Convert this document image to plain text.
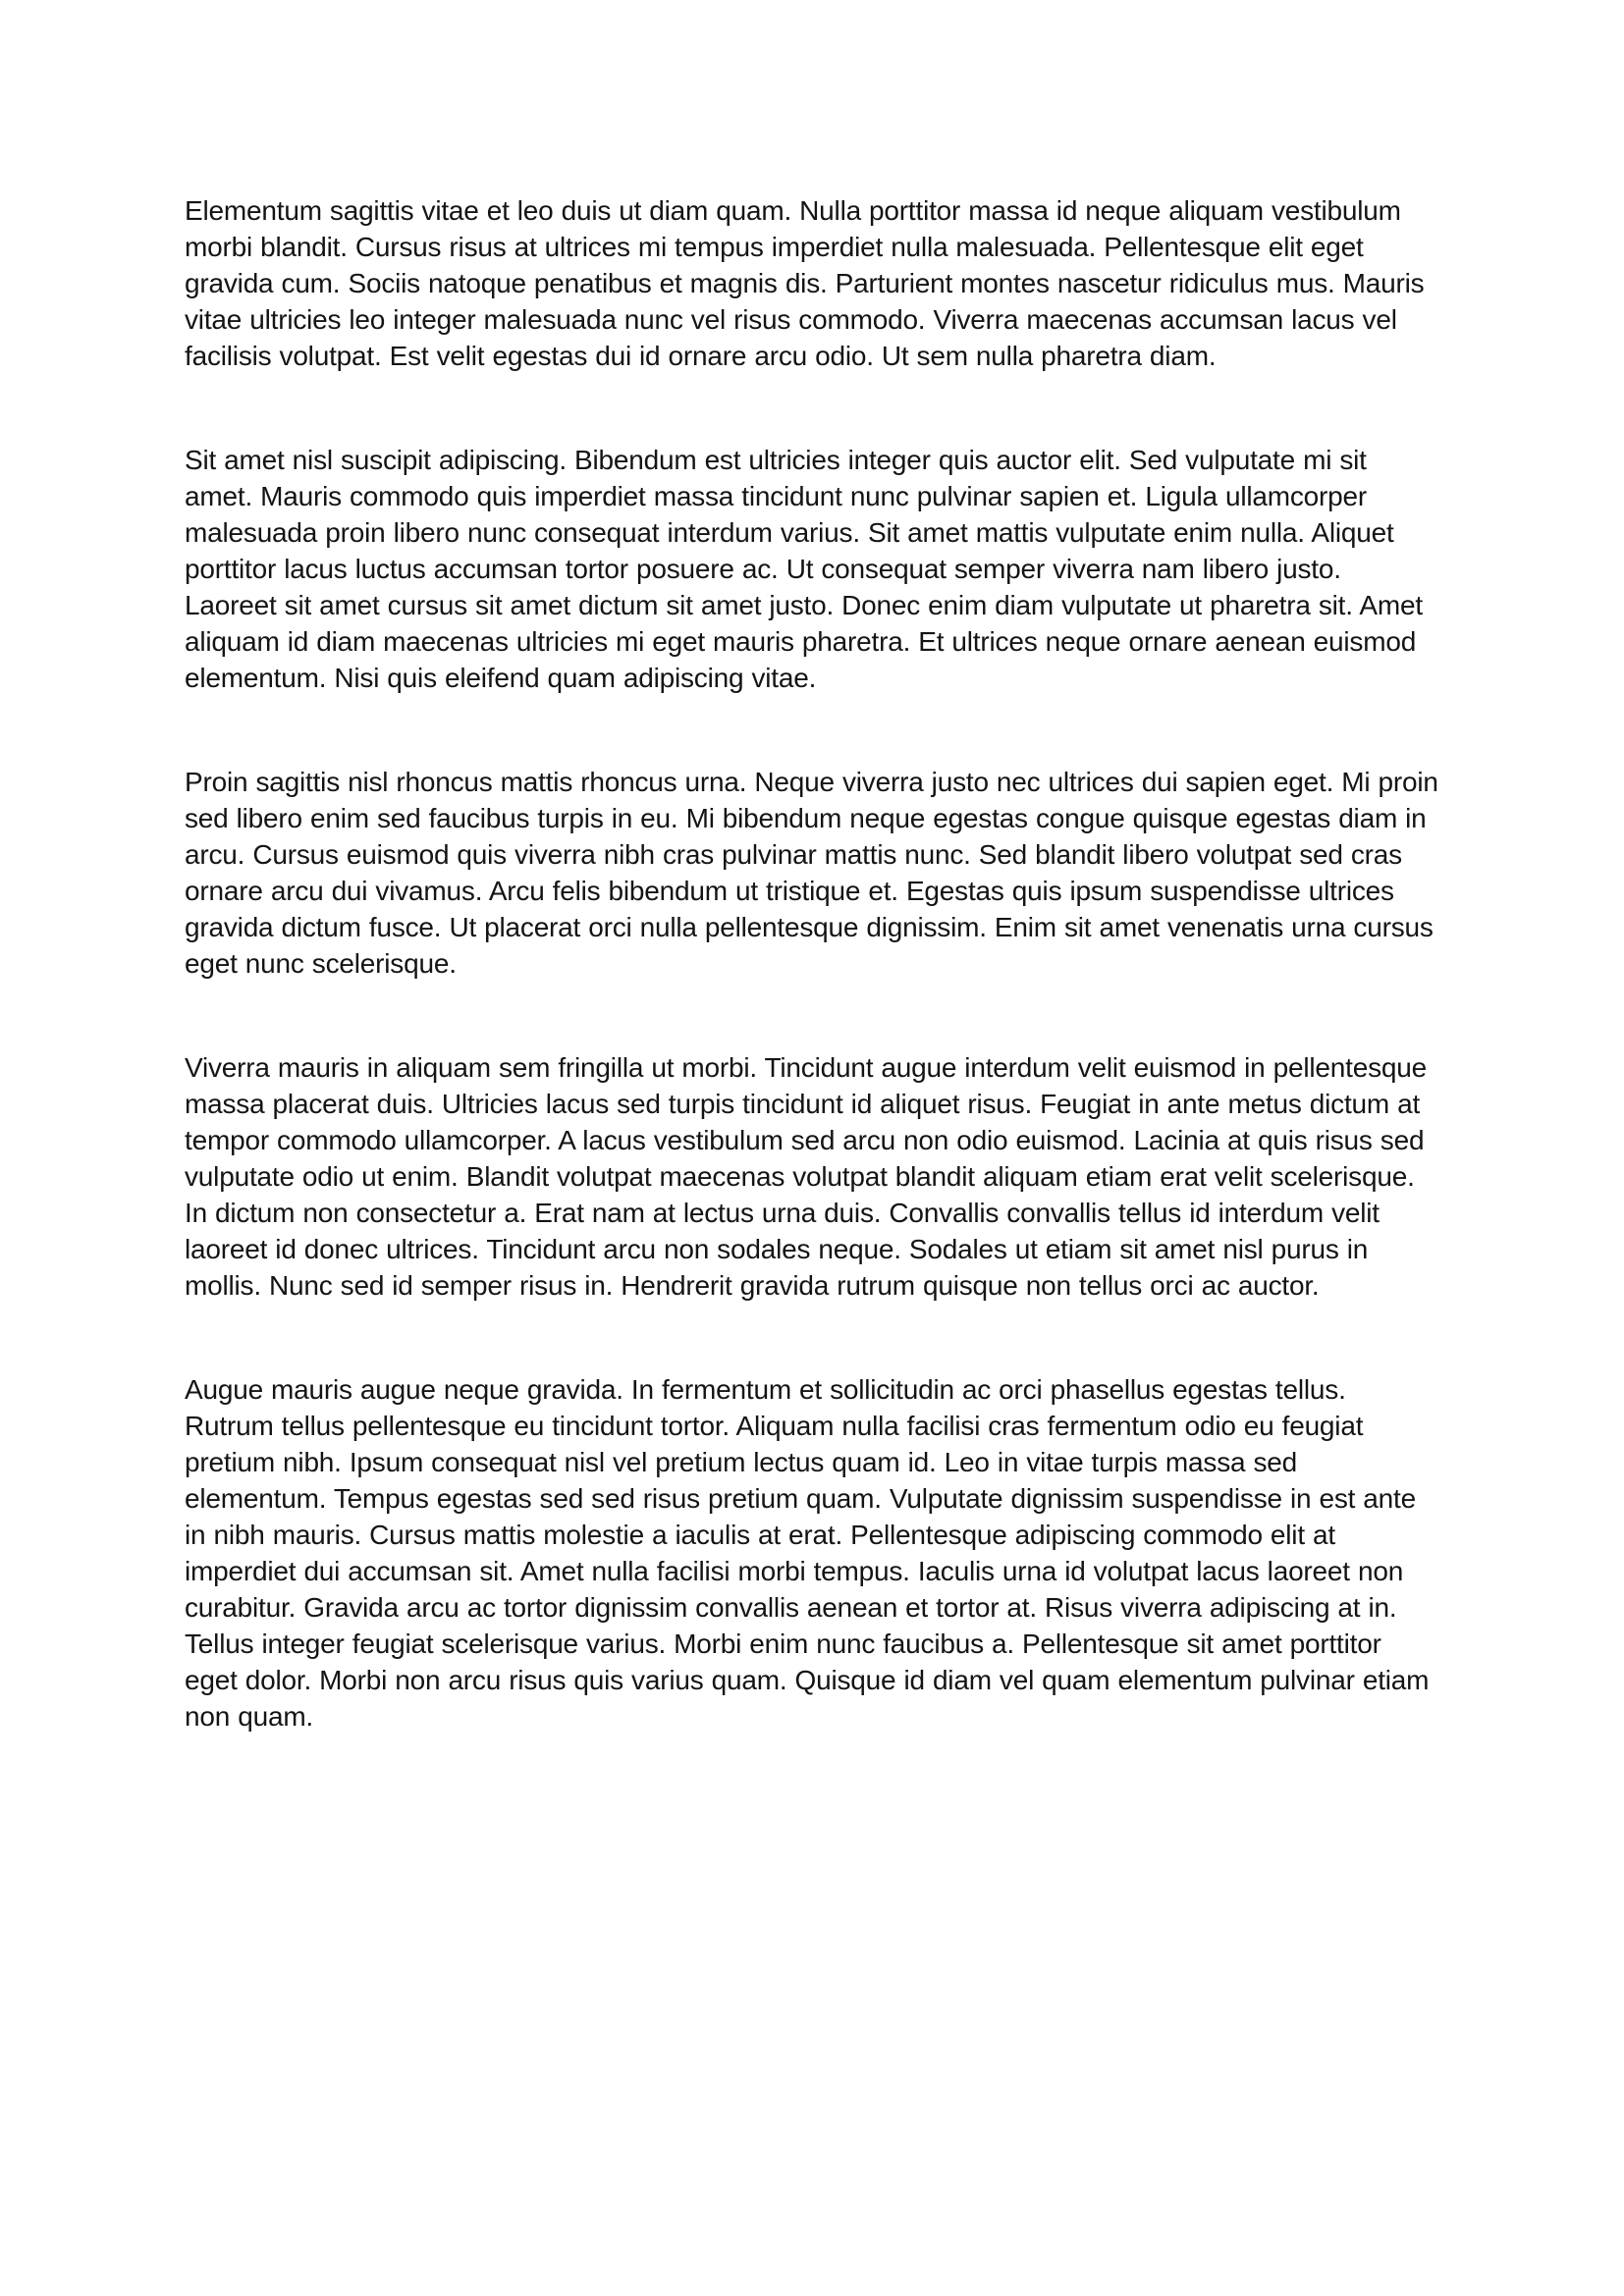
Elementum sagittis vitae et leo duis ut diam quam. Nulla porttitor massa id neque aliquam vestibulum morbi blandit. Cursus risus at ultrices mi tempus imperdiet nulla malesuada. Pellentesque elit eget gravida cum. Sociis natoque penatibus et magnis dis. Parturient montes nascetur ridiculus mus. Mauris vitae ultricies leo integer malesuada nunc vel risus commodo. Viverra maecenas accumsan lacus vel facilisis volutpat. Est velit egestas dui id ornare arcu odio. Ut sem nulla pharetra diam.

Sit amet nisl suscipit adipiscing. Bibendum est ultricies integer quis auctor elit. Sed vulputate mi sit amet. Mauris commodo quis imperdiet massa tincidunt nunc pulvinar sapien et. Ligula ullamcorper malesuada proin libero nunc consequat interdum varius. Sit amet mattis vulputate enim nulla. Aliquet porttitor lacus luctus accumsan tortor posuere ac. Ut consequat semper viverra nam libero justo. Laoreet sit amet cursus sit amet dictum sit amet justo. Donec enim diam vulputate ut pharetra sit. Amet aliquam id diam maecenas ultricies mi eget mauris pharetra. Et ultrices neque ornare aenean euismod elementum. Nisi quis eleifend quam adipiscing vitae.

Proin sagittis nisl rhoncus mattis rhoncus urna. Neque viverra justo nec ultrices dui sapien eget. Mi proin sed libero enim sed faucibus turpis in eu. Mi bibendum neque egestas congue quisque egestas diam in arcu. Cursus euismod quis viverra nibh cras pulvinar mattis nunc. Sed blandit libero volutpat sed cras ornare arcu dui vivamus. Arcu felis bibendum ut tristique et. Egestas quis ipsum suspendisse ultrices gravida dictum fusce. Ut placerat orci nulla pellentesque dignissim. Enim sit amet venenatis urna cursus eget nunc scelerisque.

Viverra mauris in aliquam sem fringilla ut morbi. Tincidunt augue interdum velit euismod in pellentesque massa placerat duis. Ultricies lacus sed turpis tincidunt id aliquet risus. Feugiat in ante metus dictum at tempor commodo ullamcorper. A lacus vestibulum sed arcu non odio euismod. Lacinia at quis risus sed vulputate odio ut enim. Blandit volutpat maecenas volutpat blandit aliquam etiam erat velit scelerisque. In dictum non consectetur a. Erat nam at lectus urna duis. Convallis convallis tellus id interdum velit laoreet id donec ultrices. Tincidunt arcu non sodales neque. Sodales ut etiam sit amet nisl purus in mollis. Nunc sed id semper risus in. Hendrerit gravida rutrum quisque non tellus orci ac auctor.

Augue mauris augue neque gravida. In fermentum et sollicitudin ac orci phasellus egestas tellus. Rutrum tellus pellentesque eu tincidunt tortor. Aliquam nulla facilisi cras fermentum odio eu feugiat pretium nibh. Ipsum consequat nisl vel pretium lectus quam id. Leo in vitae turpis massa sed elementum. Tempus egestas sed sed risus pretium quam. Vulputate dignissim suspendisse in est ante in nibh mauris. Cursus mattis molestie a iaculis at erat. Pellentesque adipiscing commodo elit at imperdiet dui accumsan sit. Amet nulla facilisi morbi tempus. Iaculis urna id volutpat lacus laoreet non curabitur. Gravida arcu ac tortor dignissim convallis aenean et tortor at. Risus viverra adipiscing at in. Tellus integer feugiat scelerisque varius. Morbi enim nunc faucibus a. Pellentesque sit amet porttitor eget dolor. Morbi non arcu risus quis varius quam. Quisque id diam vel quam elementum pulvinar etiam non quam.
